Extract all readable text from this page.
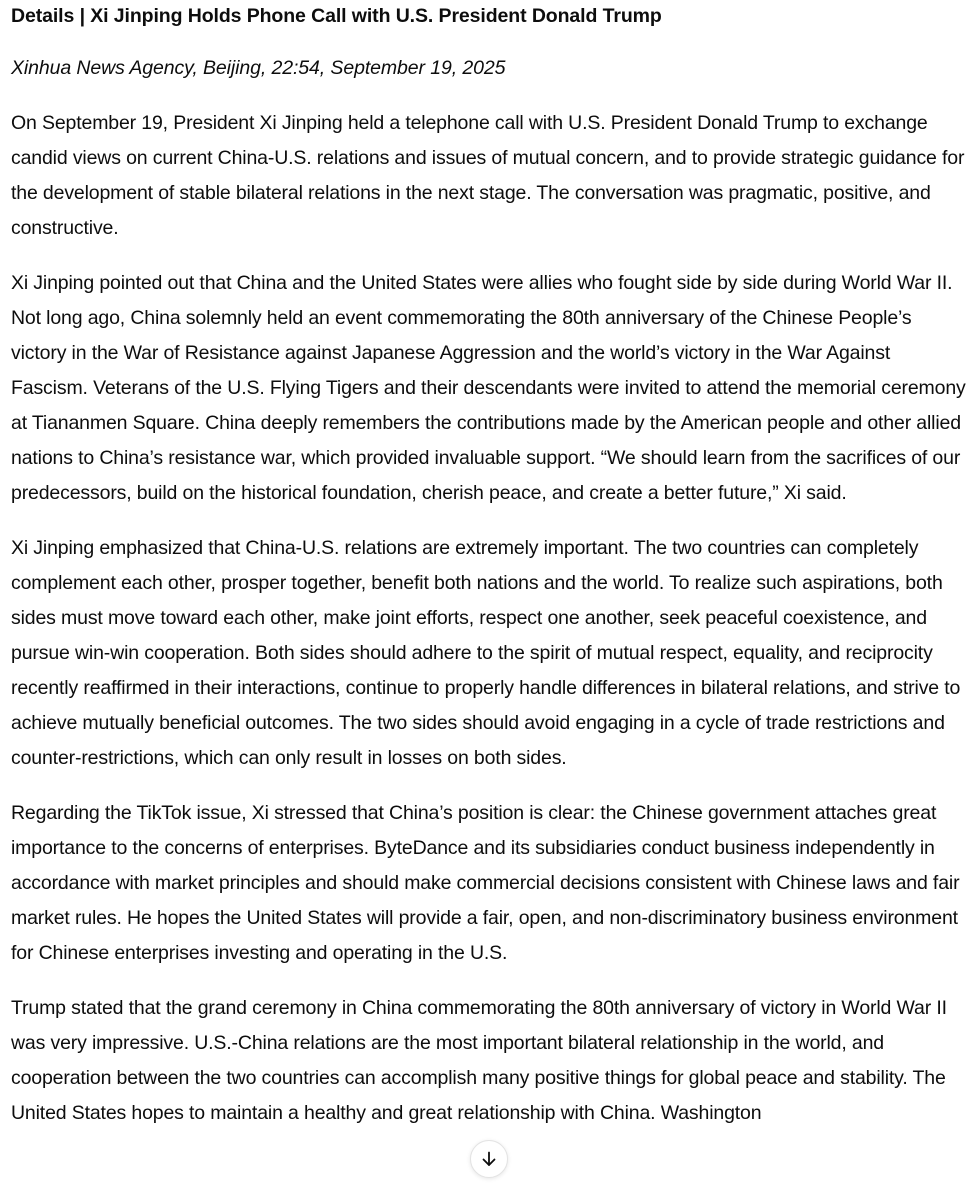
Details | Xi Jinping Holds Phone Call with U.S. President Donald Trump
Xinhua News Agency, Beijing, 22:54, September 19, 2025

On September 19, President Xi Jinping held a telephone call with U.S. President Donald Trump to exchange candid views on current China-U.S. relations and issues of mutual concern, and to provide strategic guidance for the development of stable bilateral relations in the next stage. The conversation was pragmatic, positive, and constructive.

Xi Jinping pointed out that China and the United States were allies who fought side by side during World War II. Not long ago, China solemnly held an event commemorating the 80th anniversary of the Chinese People’s victory in the War of Resistance against Japanese Aggression and the world’s victory in the War Against Fascism. Veterans of the U.S. Flying Tigers and their descendants were invited to attend the memorial ceremony at Tiananmen Square. China deeply remembers the contributions made by the American people and other allied nations to China’s resistance war, which provided invaluable support. “We should learn from the sacrifices of our predecessors, build on the historical foundation, cherish peace, and create a better future,” Xi said.

Xi Jinping emphasized that China-U.S. relations are extremely important. The two countries can completely complement each other, prosper together, benefit both nations and the world. To realize such aspirations, both sides must move toward each other, make joint efforts, respect one another, seek peaceful coexistence, and pursue win-win cooperation. Both sides should adhere to the spirit of mutual respect, equality, and reciprocity recently reaffirmed in their interactions, continue to properly handle differences in bilateral relations, and strive to achieve mutually beneficial outcomes. The two sides should avoid engaging in a cycle of trade restrictions and counter-restrictions, which can only result in losses on both sides.

Regarding the TikTok issue, Xi stressed that China’s position is clear: the Chinese government attaches great importance to the concerns of enterprises. ByteDance and its subsidiaries conduct business independently in accordance with market principles and should make commercial decisions consistent with Chinese laws and fair market rules. He hopes the United States will provide a fair, open, and non-discriminatory business environment for Chinese enterprises investing and operating in the U.S.

Trump stated that the grand ceremony in China commemorating the 80th anniversary of victory in World War II was very impressive. U.S.-China relations are the most important bilateral relationship in the world, and cooperation between the two countries can accomplish many positive things for global peace and stability. The United States hopes to maintain a healthy and great relationship with China. Washington
